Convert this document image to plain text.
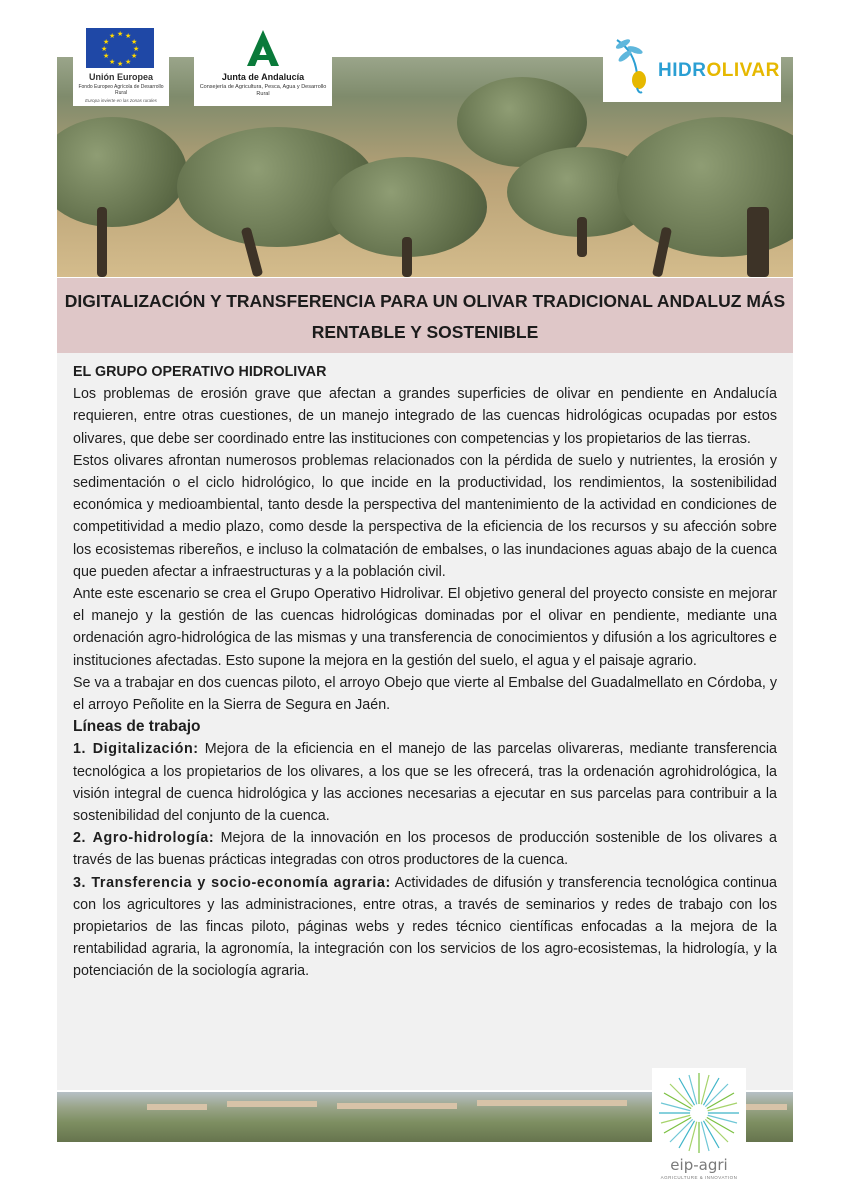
★ ★
★
★
★
★
★
★
★
★
★
★
Unión Europea
Fondo Europeo Agrícola de Desarrollo Rural
Europa invierte en las zonas rurales
Junta de Andalucía
Consejería de Agricultura, Pesca, Agua y Desarrollo Rural
HIDROLIVAR
DIGITALIZACIÓN Y TRANSFERENCIA PARA UN OLIVAR TRADICIONAL ANDALUZ MÁS RENTABLE Y SOSTENIBLE

EL GRUPO OPERATIVO HIDROLIVAR

Los problemas de erosión grave que afectan a grandes superficies de olivar en pendiente en Andalucía requieren, entre otras cuestiones, de un manejo integrado de las cuencas hidrológicas ocupadas por estos olivares, que debe ser coordinado entre las instituciones con competencias y los propietarios de las tierras.

Estos olivares afrontan numerosos problemas relacionados con la pérdida de suelo y nutrientes, la erosión y sedimentación o el ciclo hidrológico, lo que incide en la productividad, los rendimientos, la sostenibilidad económica y medioambiental, tanto desde la perspectiva del mantenimiento de la actividad en condiciones de competitividad a medio plazo, como desde la perspectiva de la eficiencia de los recursos y su afección sobre los ecosistemas ribereños, e incluso la colmatación de embalses, o las inundaciones aguas abajo de la cuenca que pueden afectar a infraestructuras y a la población civil.

Ante este escenario se crea el Grupo Operativo Hidrolivar. El objetivo general del proyecto consiste en mejorar el manejo y la gestión de las cuencas hidrológicas dominadas por el olivar en pendiente, mediante una ordenación agro-hidrológica de las mismas y una transferencia de conocimientos y difusión a los agricultores e instituciones afectadas. Esto supone la mejora en la gestión del suelo, el agua y el paisaje agrario.

Se va a trabajar en dos cuencas piloto, el arroyo Obejo que vierte al Embalse del Guadalmellato en Córdoba, y el arroyo Peñolite en la Sierra de Segura en Jaén.

Líneas de trabajo

1. Digitalización: Mejora de la eficiencia en el manejo de las parcelas olivareras, mediante transferencia tecnológica a los propietarios de los olivares, a los que se les ofrecerá, tras la ordenación agrohidrológica, la visión integral de cuenca hidrológica y las acciones necesarias a ejecutar en sus parcelas para contribuir a la sostenibilidad del conjunto de la cuenca.

2. Agro-hidrología: Mejora de la innovación en los procesos de producción sostenible de los olivares a través de las buenas prácticas integradas con otros productores de la cuenca.

3. Transferencia y socio-economía agraria: Actividades de difusión y transferencia tecnológica continua con los agricultores y las administraciones, entre otras, a través de seminarios y redes de trabajo con los propietarios de las fincas piloto, páginas webs y redes técnico científicas enfocadas a la mejora de la rentabilidad agraria, la agronomía, la integración con los servicios de los agro-ecosistemas, la hidrología, y la potenciación de la sociología agraria.

eip-agri
AGRICULTURE & INNOVATION
